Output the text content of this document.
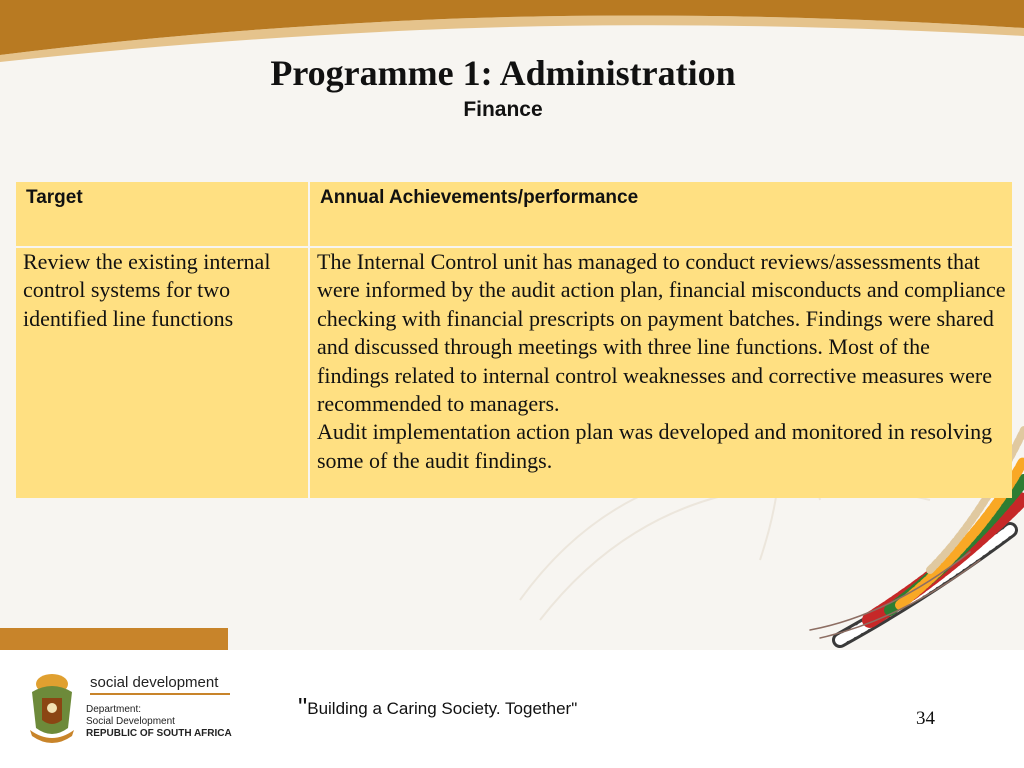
Programme 1: Administration
Finance
Target	Annual Achievements/performance

Review the existing internal control systems for two identified line functions	The Internal Control unit has managed to conduct reviews/assessments that were informed by the audit action plan, financial misconducts and compliance checking with financial prescripts on payment batches. Findings were shared and discussed through meetings with three line functions. Most of the findings related to internal control weaknesses and corrective measures were recommended to managers.
Audit implementation action plan was developed and monitored in resolving some of the audit findings.
social development
Department:
Social Development
REPUBLIC OF SOUTH AFRICA
"Building a Caring Society. Together"	34
